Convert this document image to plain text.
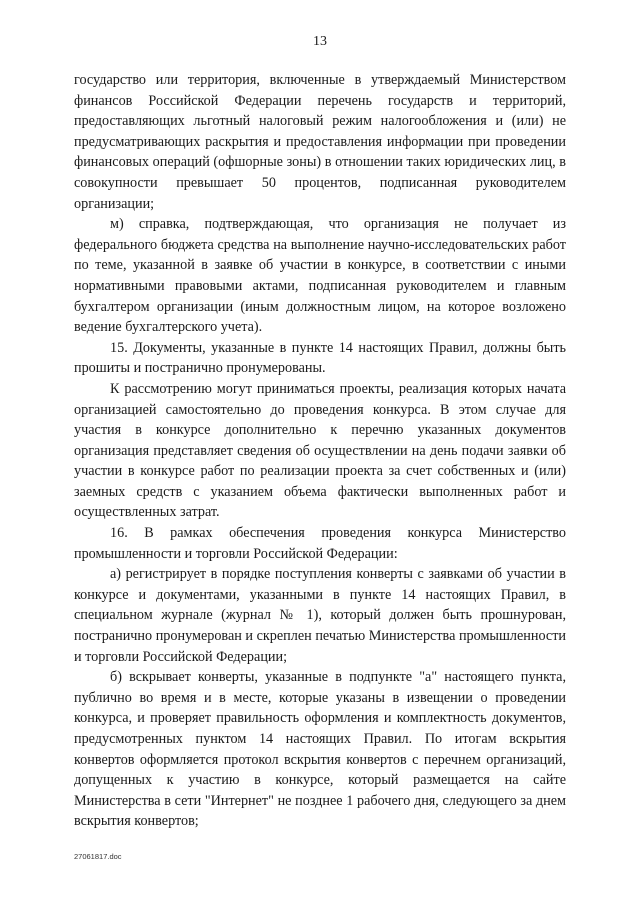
13

государство или территория, включенные в утверждаемый Министерством финансов Российской Федерации перечень государств и территорий, предоставляющих льготный налоговый режим налогообложения и (или) не предусматривающих раскрытия и предоставления информации при проведении финансовых операций (офшорные зоны) в отношении таких юридических лиц, в совокупности превышает 50 процентов, подписанная руководителем организации;

м) справка, подтверждающая, что организация не получает из федерального бюджета средства на выполнение научно-исследовательских работ по теме, указанной в заявке об участии в конкурсе, в соответствии с иными нормативными правовыми актами, подписанная руководителем и главным бухгалтером организации (иным должностным лицом, на которое возложено ведение бухгалтерского учета).

15. Документы, указанные в пункте 14 настоящих Правил, должны быть прошиты и постранично пронумерованы.

К рассмотрению могут приниматься проекты, реализация которых начата организацией самостоятельно до проведения конкурса. В этом случае для участия в конкурсе дополнительно к перечню указанных документов организация представляет сведения об осуществлении на день подачи заявки об участии в конкурсе работ по реализации проекта за счет собственных и (или) заемных средств с указанием объема фактически выполненных работ и осуществленных затрат.

16. В рамках обеспечения проведения конкурса Министерство промышленности и торговли Российской Федерации:

а) регистрирует в порядке поступления конверты с заявками об участии в конкурсе и документами, указанными в пункте 14 настоящих Правил, в специальном журнале (журнал № 1), который должен быть прошнурован, постранично пронумерован и скреплен печатью Министерства промышленности и торговли Российской Федерации;

б) вскрывает конверты, указанные в подпункте "а" настоящего пункта, публично во время и в месте, которые указаны в извещении о проведении конкурса, и проверяет правильность оформления и комплектность документов, предусмотренных пунктом 14 настоящих Правил. По итогам вскрытия конвертов оформляется протокол вскрытия конвертов с перечнем организаций, допущенных к участию в конкурсе, который размещается на сайте Министерства в сети "Интернет" не позднее 1 рабочего дня, следующего за днем вскрытия конвертов;

27061817.doc
